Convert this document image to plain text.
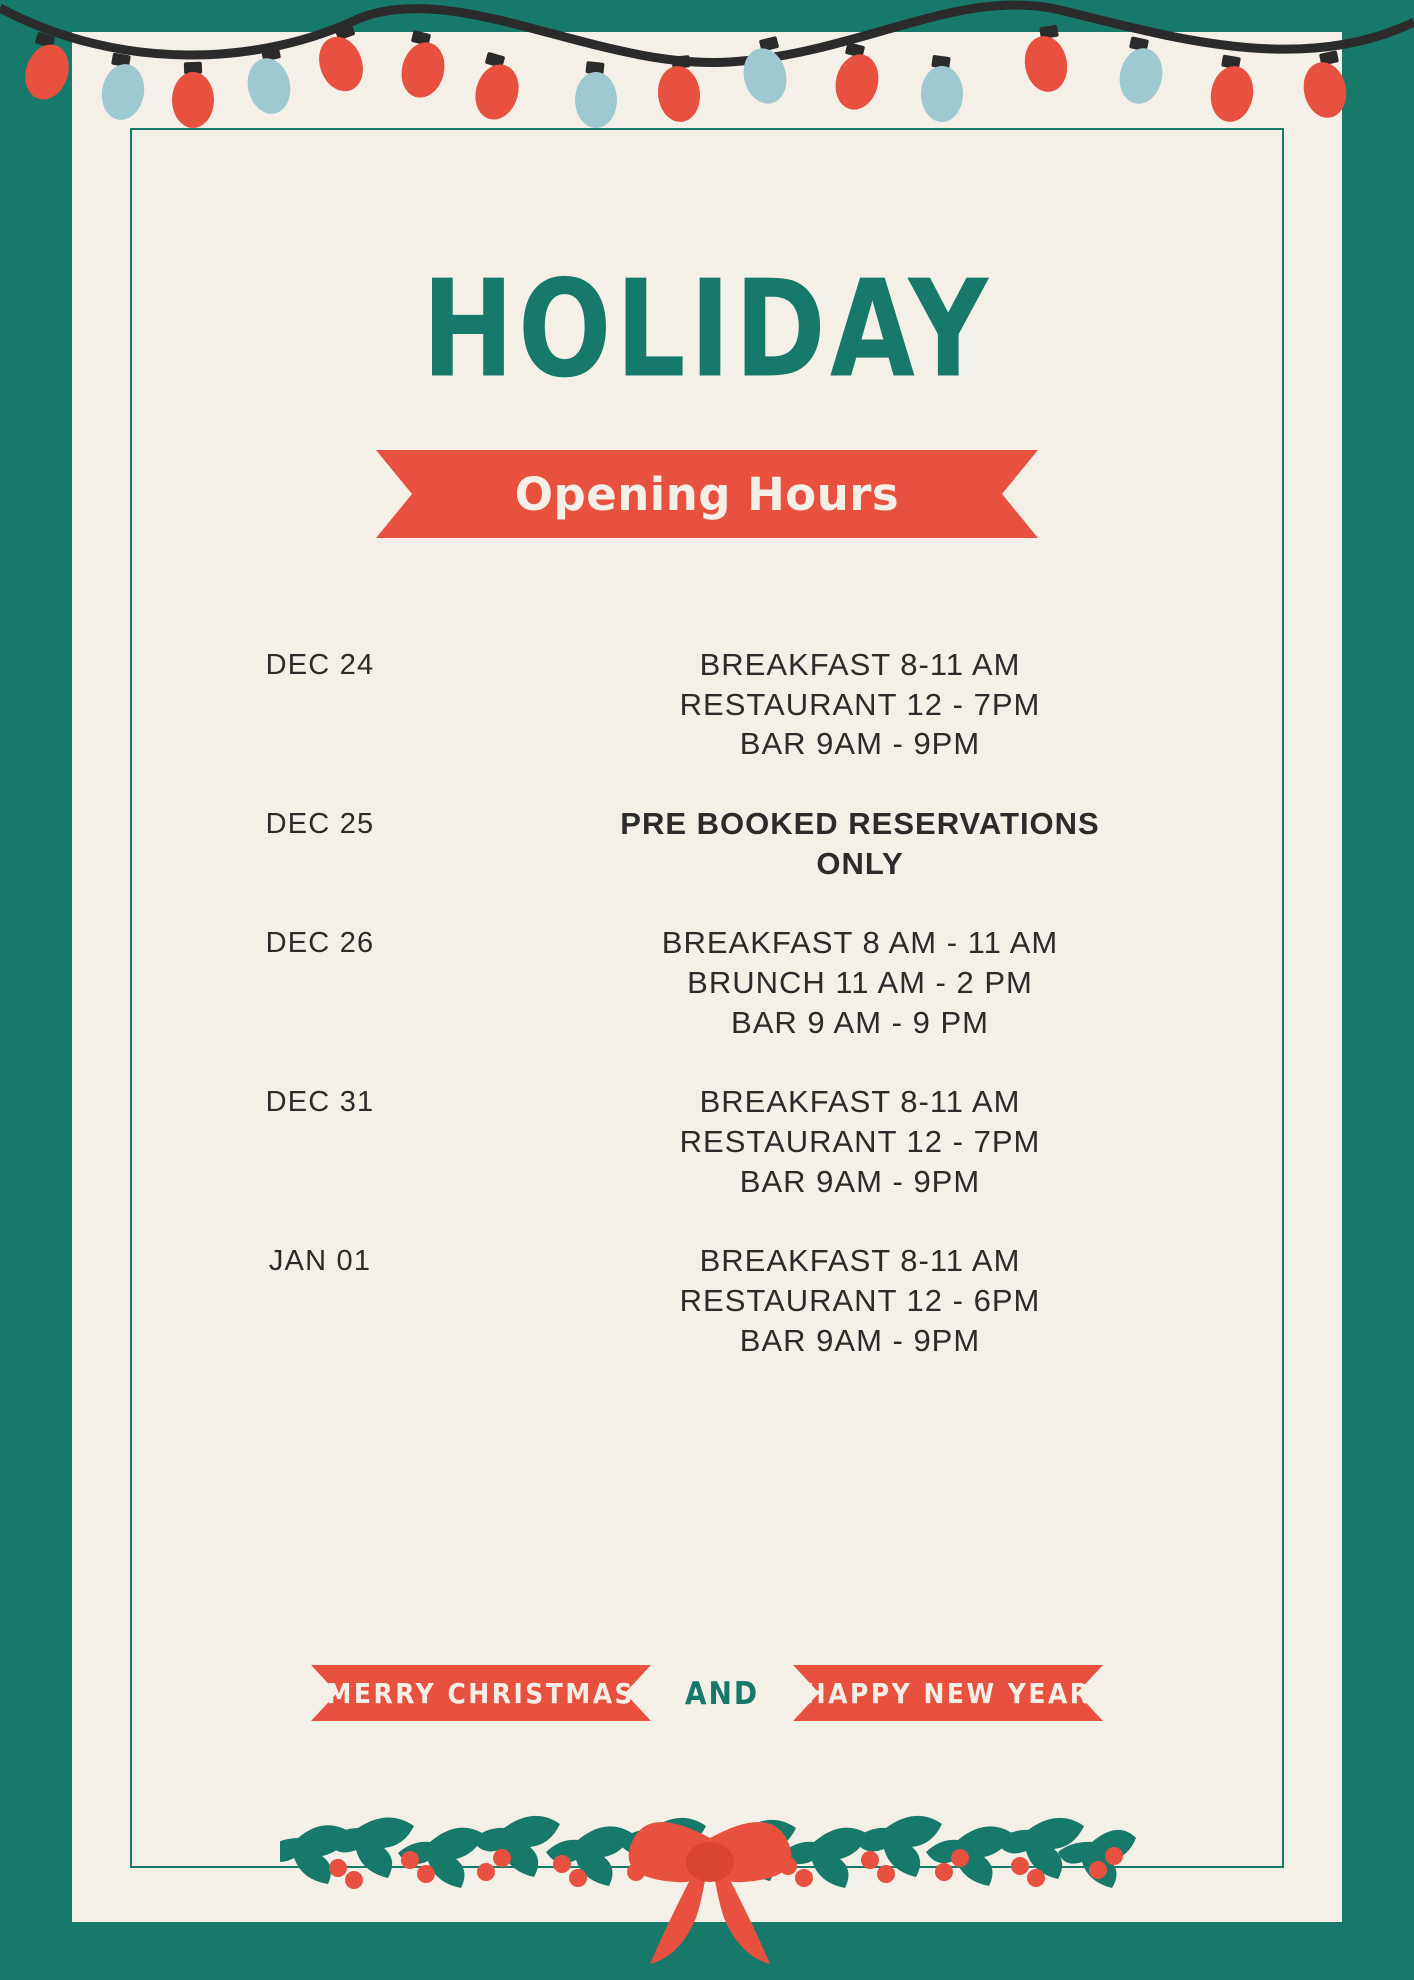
HOLIDAY
Opening Hours
DEC 24	BREAKFAST 8-11 AM
RESTAURANT 12 - 7PM
BAR 9AM - 9PM
DEC 25	PRE BOOKED RESERVATIONS
ONLY
DEC 26	BREAKFAST 8 AM - 11 AM
BRUNCH 11 AM - 2 PM
BAR 9 AM - 9 PM
DEC 31	BREAKFAST 8-11 AM
RESTAURANT 12 - 7PM
BAR 9AM - 9PM
JAN 01	BREAKFAST 8-11 AM
RESTAURANT 12 - 6PM
BAR 9AM - 9PM
MERRY CHRISTMAS AND HAPPY NEW YEAR
